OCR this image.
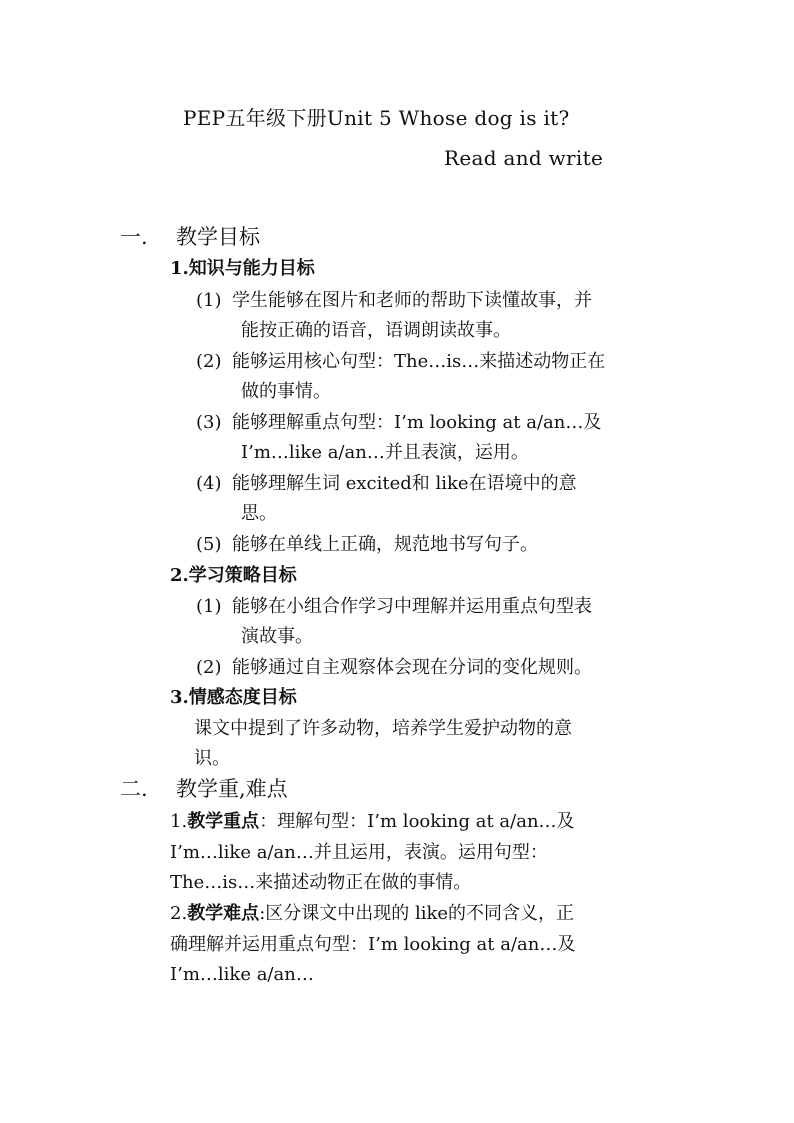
PEP五年级下册Unit 5 Whose dog is it?
Read and write
一. 教学目标
1.知识与能力目标
(1) 学生能够在图片和老师的帮助下读懂故事，并
能按正确的语音，语调朗读故事。
(2) 能够运用核心句型：The…is…来描述动物正在
做的事情。
(3) 能够理解重点句型：I’m looking at a/an…及
I’m…like a/an…并且表演，运用。
(4) 能够理解生词 excited和 like在语境中的意
思。
(5) 能够在单线上正确，规范地书写句子。
2.学习策略目标
(1) 能够在小组合作学习中理解并运用重点句型表
演故事。
(2) 能够通过自主观察体会现在分词的变化规则。
3.情感态度目标
课文中提到了许多动物，培养学生爱护动物的意
识。
二. 教学重,难点
1.教学重点：理解句型：I’m looking at a/an…及
I’m…like a/an…并且运用，表演。运用句型：
The…is…来描述动物正在做的事情。
2.教学难点:区分课文中出现的 like的不同含义，正
确理解并运用重点句型：I’m looking at a/an…及
I’m…like a/an…
